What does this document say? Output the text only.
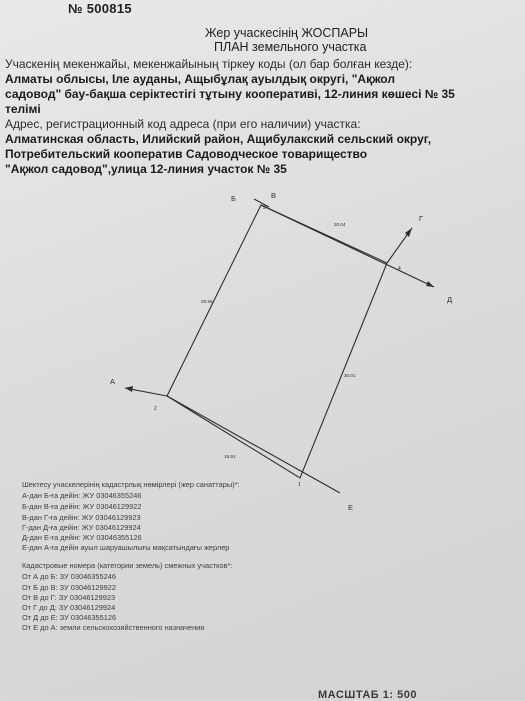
№ 500815
Жер учаскесінің ЖОСПАРЫ
ПЛАН земельного участка
Учаскенің мекенжайы, мекенжайының тіркеу коды (ол бар болған кезде):
Алматы облысы, Іле ауданы, Ащыбұлақ ауылдық округі, "Ақжол
садовод" бау-бақша серіктестігі тұтыну кооперативі, 12-линия көшесі № 35
телімі
Адрес, регистрационный код адреса (при его наличии) участка:
Алматинская область, Илийский район, Ащибулакский сельский округ,
Потребительский кооператив Садоводческое товарищество
"Ақжол садовод",улица 12-линия участок № 35
Б	В
Г
Д
А
Е
3
4
2
1
20.04
28.96
30.01
19.91
Шектесу учаскелерінің кадастрлық нөмірлері (жер санаттары)*:
А-дан Б-ға дейін: ЖУ 03046355246
Б-дан В-ға дейін: ЖУ 03046129922
В-дан Г-ға дейін: ЖУ 03046129923
Г-дан Д-ға дейін: ЖУ 03046129924
Д-дан Е-ға дейін: ЖУ 03046355126
Е-дан А-ға дейін ауыл шаруашылығы мақсатындағы жерлер
Кадастровые номера (категории земель) смежных участков*:
От А до Б: ЗУ 03046355246
От Б до В: ЗУ 03046129922
От В до Г: ЗУ 03046129923
От Г до Д: ЗУ 03046129924
От Д до Е: ЗУ 03046355126
От Е до А: земли сельскохозяйственного назначения
МАСШТАБ 1: 500
